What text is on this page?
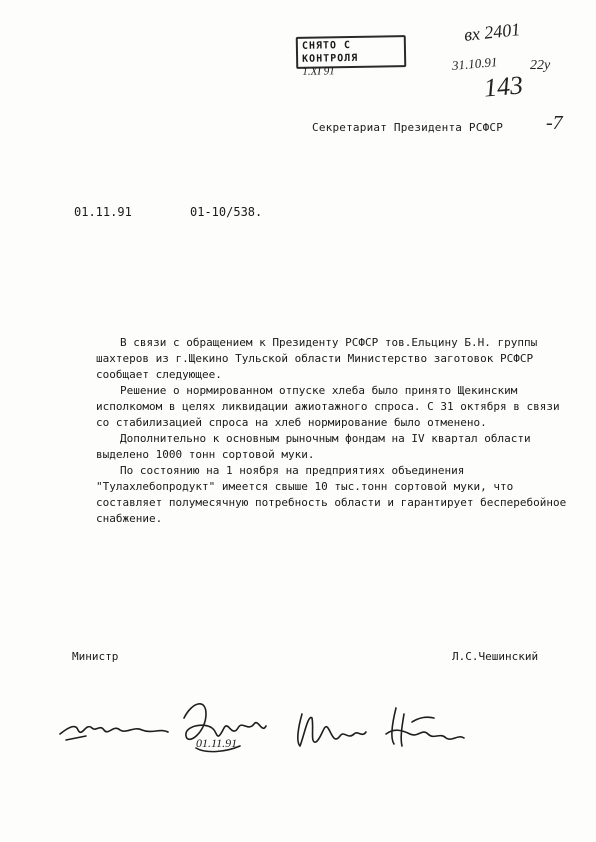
СНЯТО С КОНТРОЛЯ
1.XI 91
вх 2401
31.10.91
143
22у
-7
Секретариат Президента РСФСР
01.11.91	01-10/538.

В связи с обращением к Президенту РСФСР тов.Ельцину Б.Н. группы шахтеров из г.Щекино Тульской области Министерство заготовок РСФСР сообщает следующее.

Решение о нормированном отпуске хлеба было принято Щекинским исполкомом в целях ликвидации ажиотажного спроса. С 31 октября в связи со стабилизацией спроса на хлеб нормирование было отменено.

Дополнительно к основным рыночным фондам на IV квартал области выделено 1000 тонн сортовой муки.

По состоянию на 1 ноября на предприятиях объединения "Тулахлебопродукт" имеется свыше 10 тыс.тонн сортовой муки, что составляет полумесячную потребность области и гарантирует бесперебойное снабжение.

Министр	Л.С.Чешинский
01.11.91
